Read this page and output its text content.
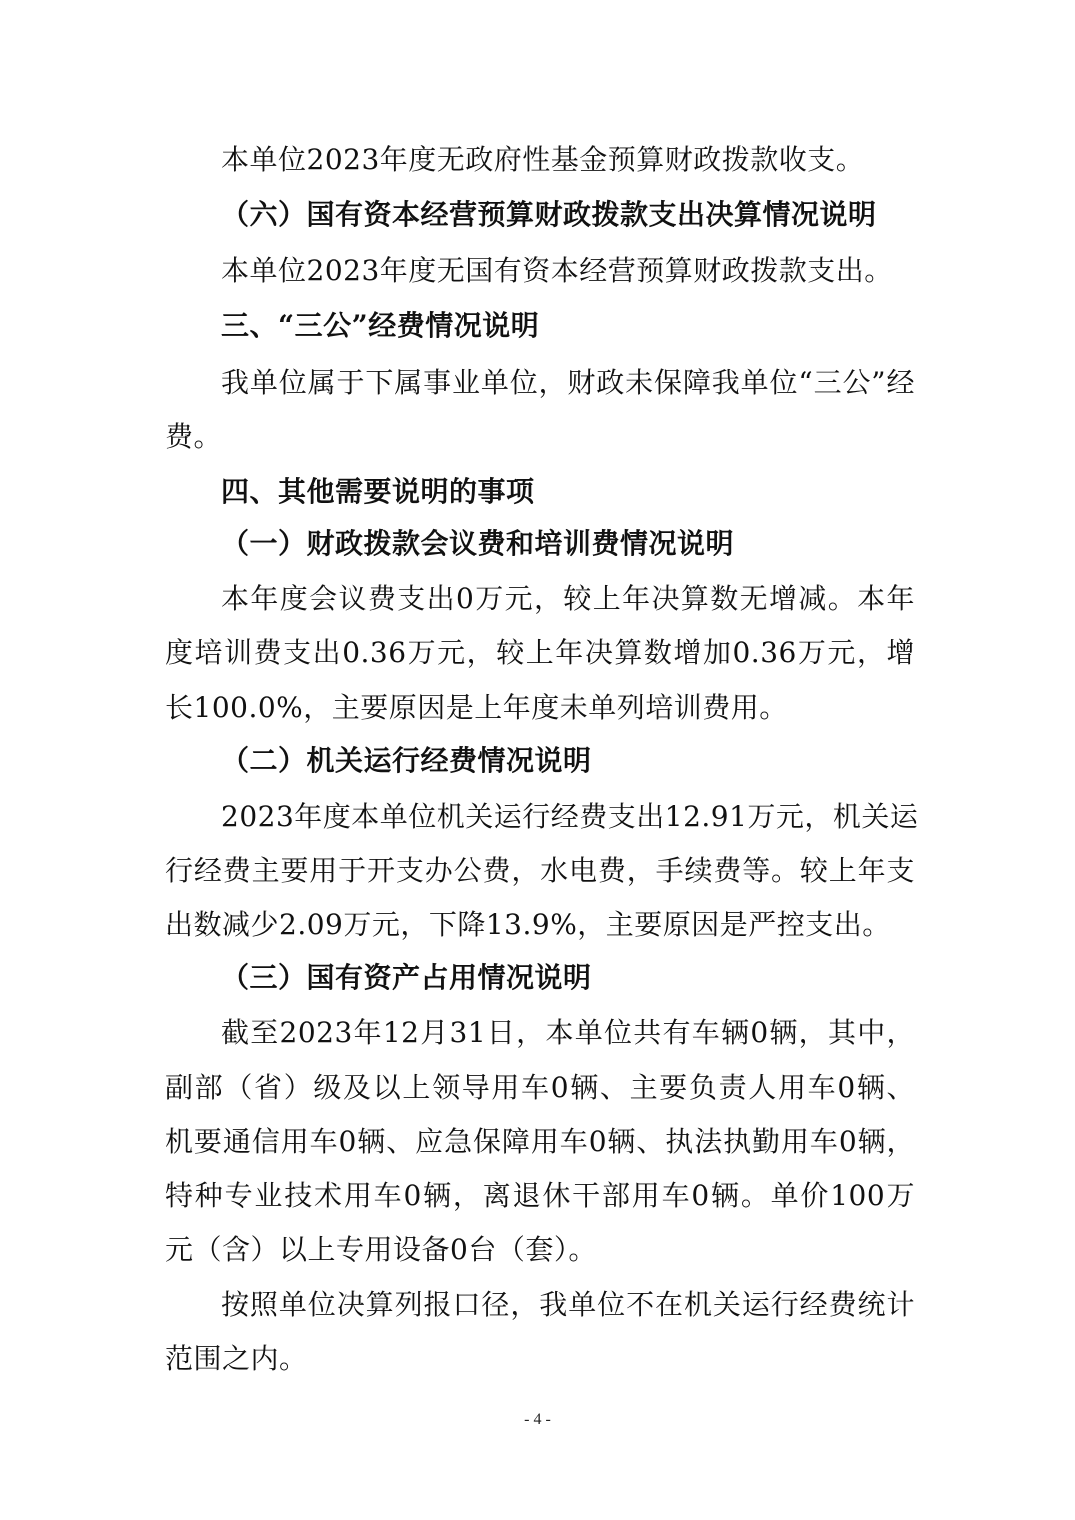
本单位2023年度无政府性基金预算财政拨款收支。
（六）国有资本经营预算财政拨款支出决算情况说明
本单位2023年度无国有资本经营预算财政拨款支出。
三、“三公”经费情况说明
我单位属于下属事业单位，财政未保障我单位“三公”经
费。
四、其他需要说明的事项
（一）财政拨款会议费和培训费情况说明
本年度会议费支出0万元，较上年决算数无增减。本年
度培训费支出0.36万元，较上年决算数增加0.36万元，增
长100.0%，主要原因是上年度未单列培训费用。
（二）机关运行经费情况说明
2023年度本单位机关运行经费支出12.91万元，机关运
行经费主要用于开支办公费，水电费，手续费等。较上年支
出数减少2.09万元，下降13.9%，主要原因是严控支出。
（三）国有资产占用情况说明
截至2023年12月31日，本单位共有车辆0辆，其中，
副部（省）级及以上领导用车0辆、主要负责人用车0辆、
机要通信用车0辆、应急保障用车0辆、执法执勤用车0辆，
特种专业技术用车0辆，离退休干部用车0辆。单价100万
元（含）以上专用设备0台（套）。
按照单位决算列报口径，我单位不在机关运行经费统计
范围之内。
- 4 -
